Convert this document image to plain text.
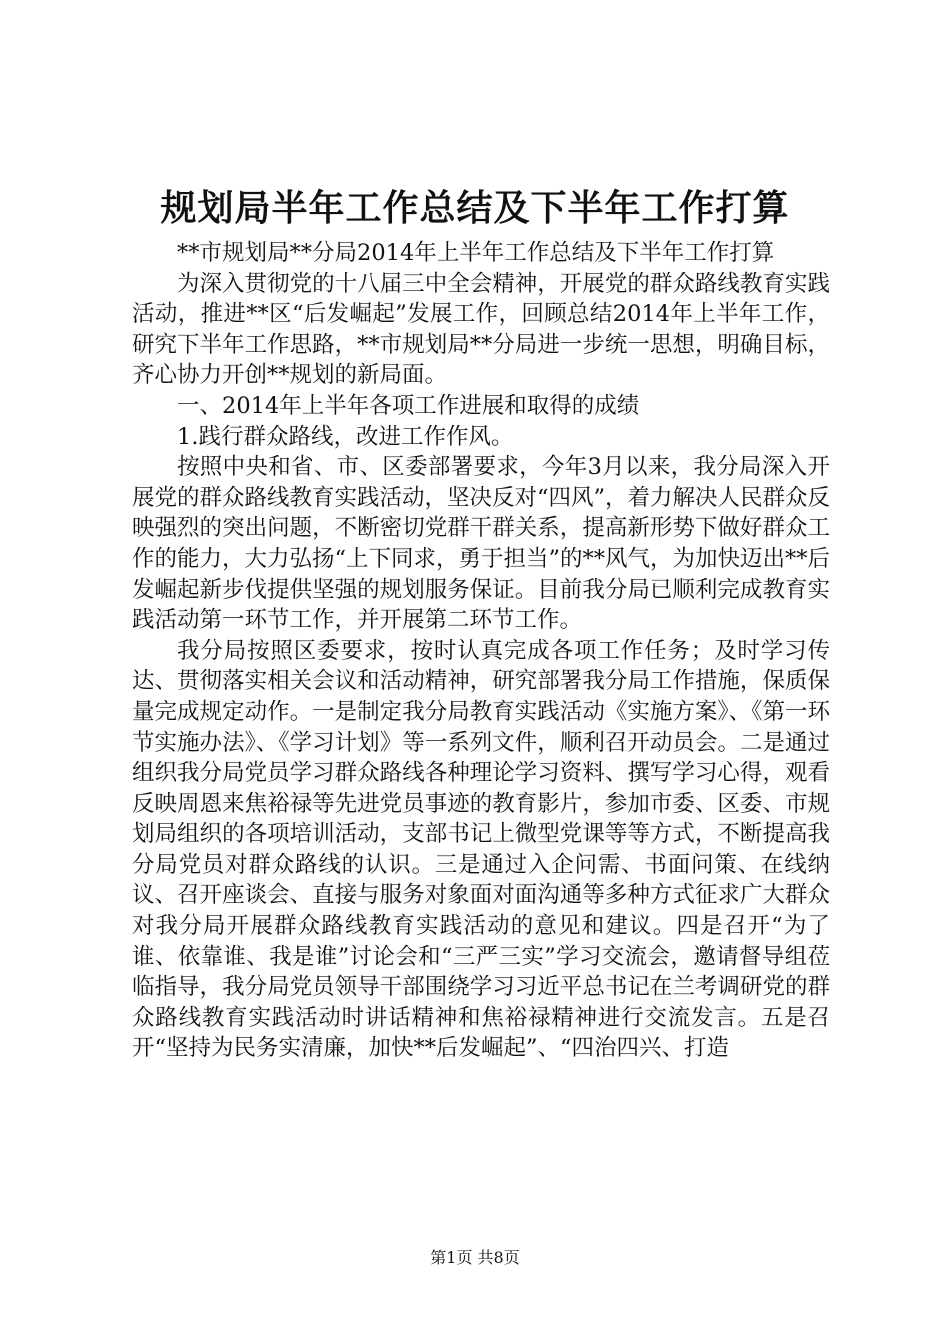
规划局半年工作总结及下半年工作打算

**市规划局**分局2014年上半年工作总结及下半年工作打算

为深入贯彻党的十八届三中全会精神，开展党的群众路线教育实践活动，推进**区“后发崛起”发展工作，回顾总结2014年上半年工作，研究下半年工作思路，**市规划局**分局进一步统一思想，明确目标，齐心协力开创**规划的新局面。

一、2014年上半年各项工作进展和取得的成绩

1.践行群众路线，改进工作作风。

按照中央和省、市、区委部署要求，今年3月以来，我分局深入开展党的群众路线教育实践活动，坚决反对“四风”，着力解决人民群众反映强烈的突出问题，不断密切党群干群关系，提高新形势下做好群众工作的能力，大力弘扬“上下同求，勇于担当”的**风气，为加快迈出**后发崛起新步伐提供坚强的规划服务保证。目前我分局已顺利完成教育实践活动第一环节工作，并开展第二环节工作。

我分局按照区委要求，按时认真完成各项工作任务；及时学习传达、贯彻落实相关会议和活动精神，研究部署我分局工作措施，保质保量完成规定动作。一是制定我分局教育实践活动《实施方案》、《第一环节实施办法》、《学习计划》等一系列文件，顺利召开动员会。二是通过组织我分局党员学习群众路线各种理论学习资料、撰写学习心得，观看反映周恩来焦裕禄等先进党员事迹的教育影片，参加市委、区委、市规划局组织的各项培训活动，支部书记上微型党课等等方式，不断提高我分局党员对群众路线的认识。三是通过入企问需、书面问策、在线纳议、召开座谈会、直接与服务对象面对面沟通等多种方式征求广大群众对我分局开展群众路线教育实践活动的意见和建议。四是召开“为了谁、依靠谁、我是谁”讨论会和“三严三实”学习交流会，邀请督导组莅临指导，我分局党员领导干部围绕学习习近平总书记在兰考调研党的群众路线教育实践活动时讲话精神和焦裕禄精神进行交流发言。五是召开“坚持为民务实清廉，加快**后发崛起”、“四治四兴、打造

第1页 共8页
